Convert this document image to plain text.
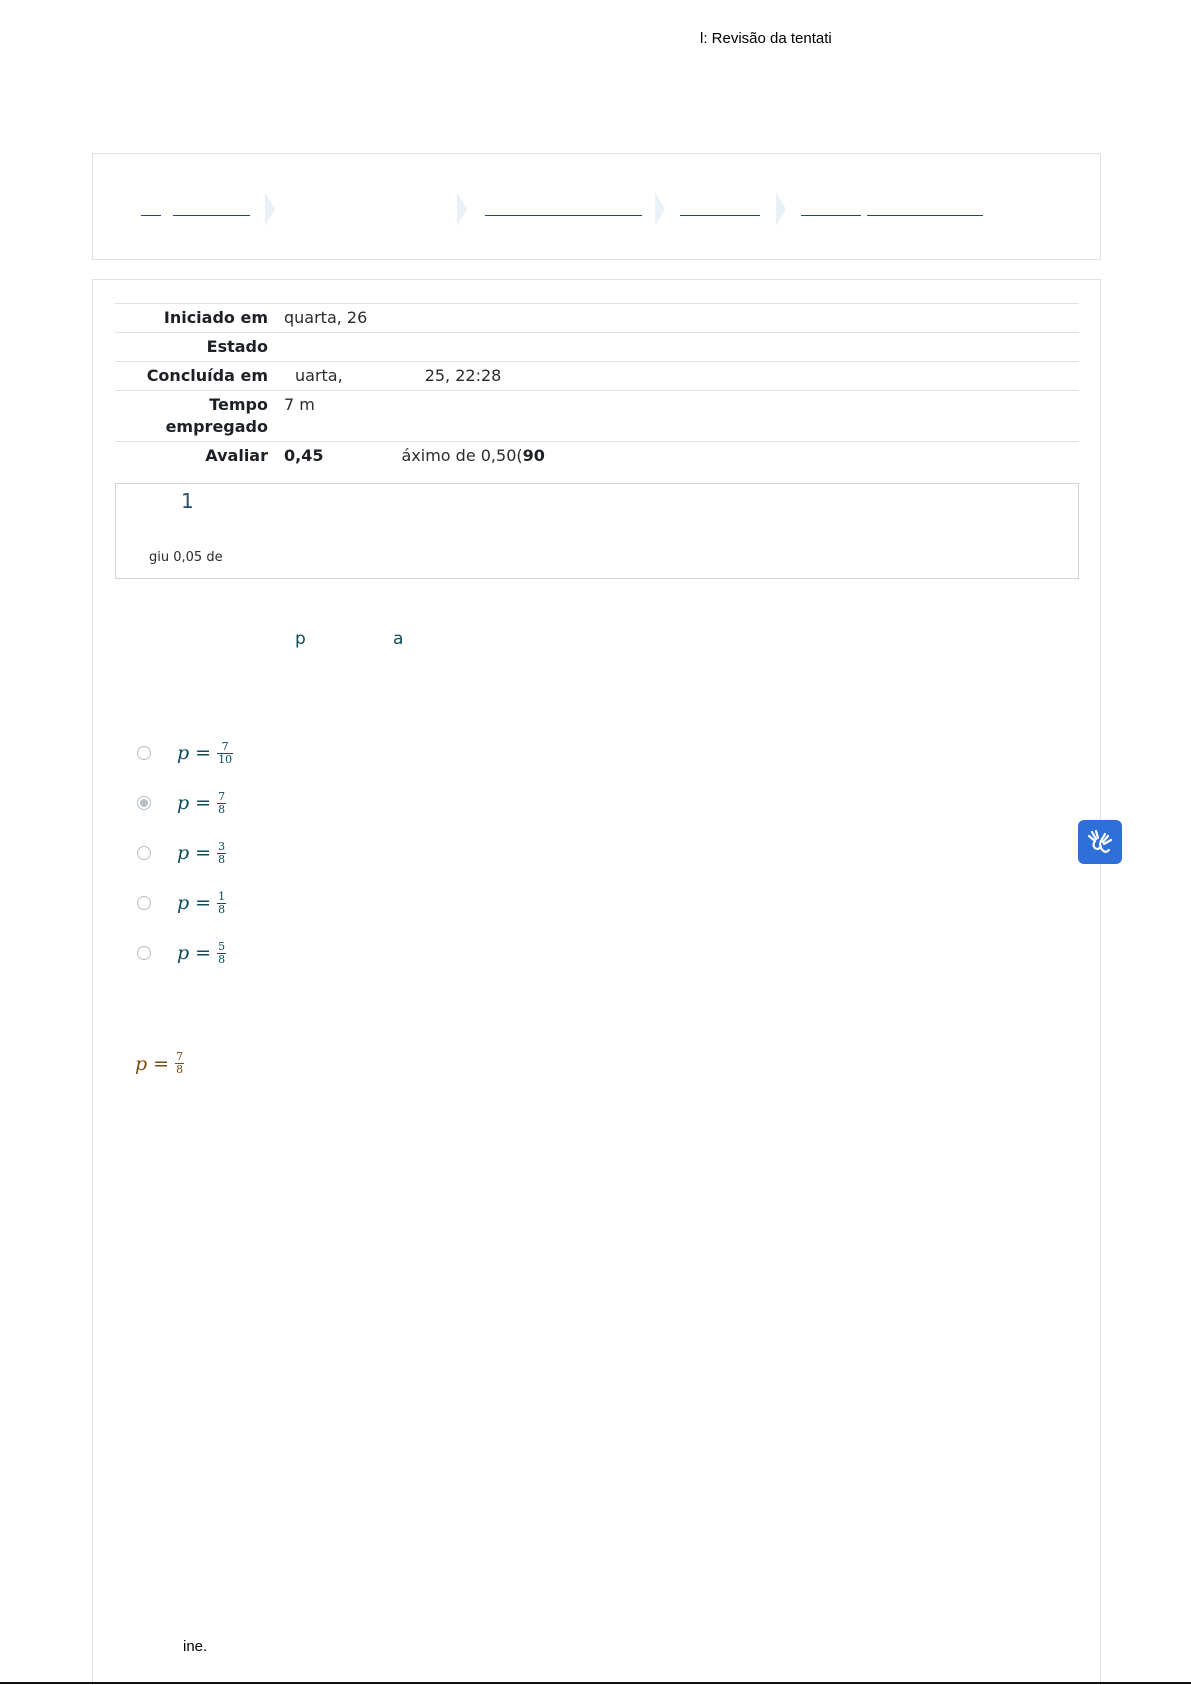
l: Revisão da tentati
Iniciado em	quarta, 26
Estado	
Concluída em	uarta, 25, 22:28
Tempo empregado	7 m
Avaliar	0,45 áximo de 0,50(90
1
giu 0,05 de
p	a
$p = \frac{7}{10}$
$p = \frac{7}{8}$
$p = \frac{3}{8}$
$p = \frac{1}{8}$
$p = \frac{5}{8}$
$p = \frac{7}{8}$
ine.
